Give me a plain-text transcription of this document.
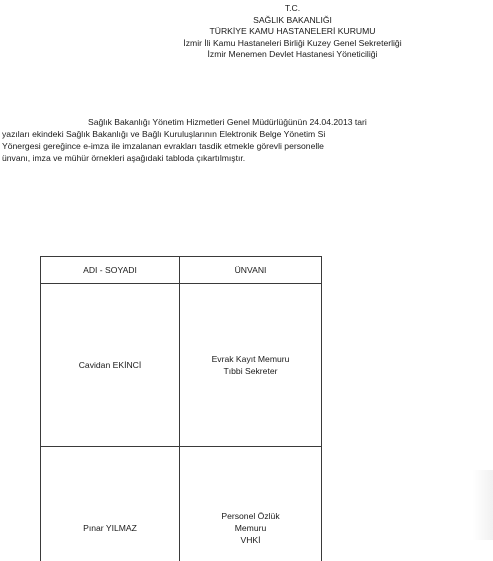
T.C.
SAĞLIK BAKANLIĞI
TÜRKİYE KAMU HASTANELERİ KURUMU
İzmir İli Kamu Hastaneleri Birliği Kuzey Genel Sekreterliği
İzmir Menemen Devlet Hastanesi Yöneticiliği
Sağlık Bakanlığı Yönetim Hizmetleri Genel Müdürlüğünün 24.04.2013 tari
yazıları ekindeki Sağlık Bakanlığı ve Bağlı Kuruluşlarının Elektronik Belge Yönetim Si
Yönergesi gereğince e-imza ile imzalanan evrakları tasdik etmekle görevli personelle
ünvanı, imza ve mühür örnekleri aşağıdaki tabloda çıkartılmıştır.
ADI - SOYADI	ÜNVANI
Cavidan EKİNCİ	Evrak Kayıt Memuru
Tıbbi Sekreter

Pınar YILMAZ	Personel Özlük
Memuru
VHKİ
